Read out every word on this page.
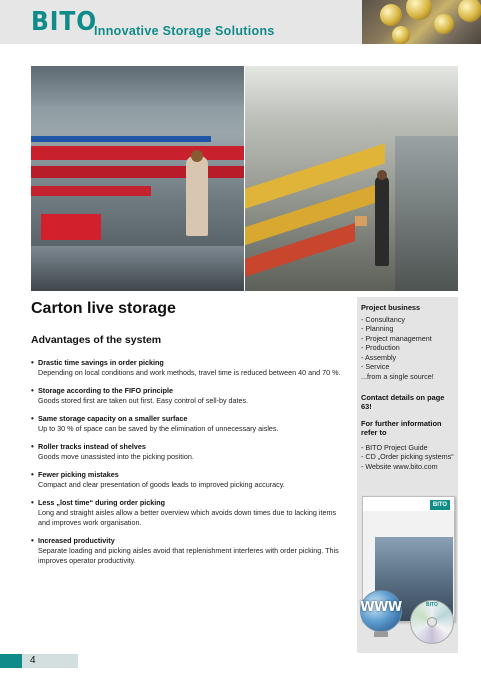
BITO
Innovative Storage Solutions
Carton live storage
Advantages of the system
• Drastic time savings in order picking
Depending on local conditions and work methods, travel time is reduced between 40 and 70 %.
• Storage according to the FIFO principle
Goods stored first are taken out first. Easy control of sell-by dates.
• Same storage capacity on a smaller surface
Up to 30 % of space can be saved by the elimination of unnecessary aisles.
• Roller tracks instead of shelves
Goods move unassisted into the picking position.
• Fewer picking mistakes
Compact and clear presentation of goods leads to improved picking accuracy.
• Less „lost time“ during order picking
Long and straight aisles allow a better overview which avoids down times due to lacking items and improves work organisation.
• Increased productivity
Separate loading and picking aisles avoid that replenishment interferes with order picking. This improves operator productivity.
Project business
- Consultancy
- Planning
- Project management
- Production
- Assembly
- Service
...from a single source!
Contact details on page 63!
For further information
refer to
- BITO Project Guide
- CD „Order picking systems“
- Website www.bito.com
BITO
WWW	BITO
4
